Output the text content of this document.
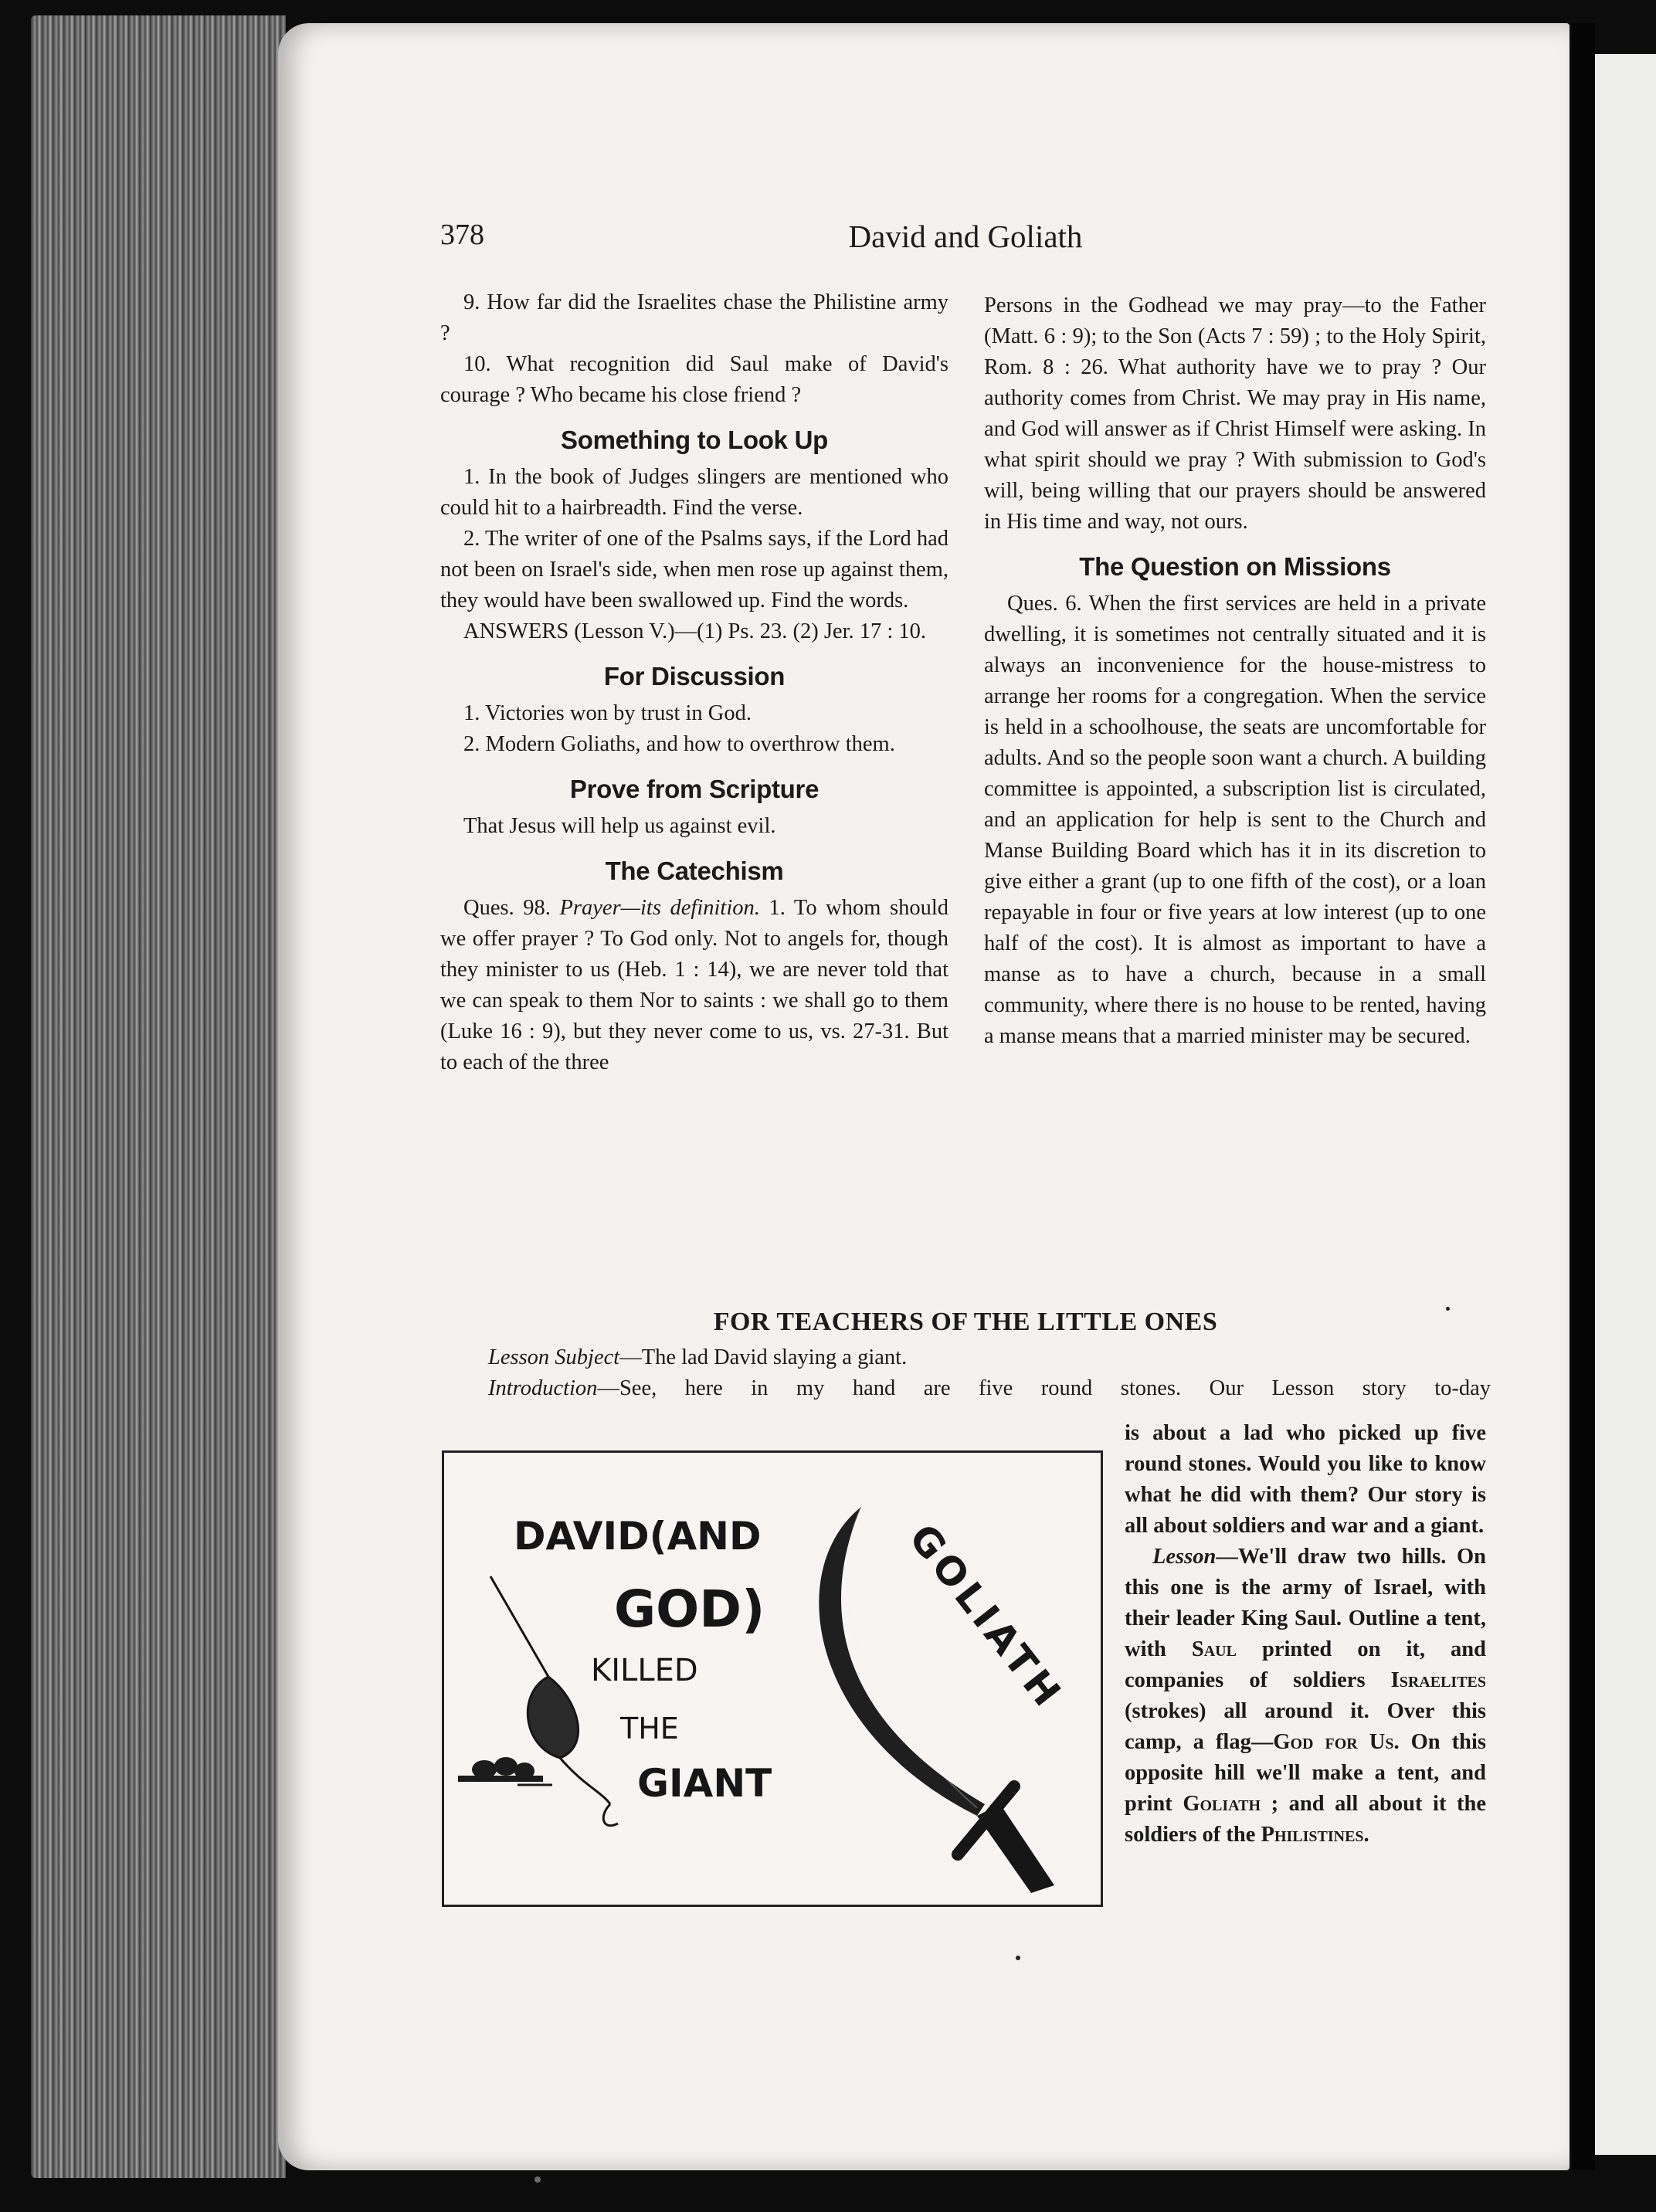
378	David and Goliath

9. How far did the Israelites chase the Philistine army ?

10. What recognition did Saul make of David's courage ? Who became his close friend ?

Something to Look Up

1. In the book of Judges slingers are mentioned who could hit to a hairbreadth. Find the verse.

2. The writer of one of the Psalms says, if the Lord had not been on Israel's side, when men rose up against them, they would have been swallowed up. Find the words.

ANSWERS (Lesson V.)—(1) Ps. 23. (2) Jer. 17 : 10.

For Discussion

1. Victories won by trust in God.

2. Modern Goliaths, and how to overthrow them.

Prove from Scripture

That Jesus will help us against evil.

The Catechism

Ques. 98. Prayer—its definition. 1. To whom should we offer prayer ? To God only. Not to angels for, though they minister to us (Heb. 1 : 14), we are never told that we can speak to them Nor to saints : we shall go to them (Luke 16 : 9), but they never come to us, vs. 27-31. But to each of the three

Persons in the Godhead we may pray—to the Father (Matt. 6 : 9); to the Son (Acts 7 : 59) ; to the Holy Spirit, Rom. 8 : 26. What authority have we to pray ? Our authority comes from Christ. We may pray in His name, and God will answer as if Christ Himself were asking. In what spirit should we pray ? With submission to God's will, being willing that our prayers should be answered in His time and way, not ours.

The Question on Missions

Ques. 6. When the first services are held in a private dwelling, it is sometimes not centrally situated and it is always an inconvenience for the house-mistress to arrange her rooms for a congregation. When the service is held in a schoolhouse, the seats are uncomfortable for adults. And so the people soon want a church. A building committee is appointed, a subscription list is circulated, and an application for help is sent to the Church and Manse Building Board which has it in its discretion to give either a grant (up to one fifth of the cost), or a loan repayable in four or five years at low interest (up to one half of the cost). It is almost as important to have a manse as to have a church, because in a small community, where there is no house to be rented, having a manse means that a married minister may be secured.

FOR TEACHERS OF THE LITTLE ONES

Lesson Subject—The lad David slaying a giant.

Introduction—See, here in my hand are five round stones. Our Lesson story to-day

DAVID(AND
GOD)
KILLED
THE
GIANT
GOLIATH

is about a lad who picked up five round stones. Would you like to know what he did with them? Our story is all about soldiers and war and a giant.

Lesson—We'll draw two hills. On this one is the army of Israel, with their leader King Saul. Outline a tent, with Saul printed on it, and companies of soldiers Israelites (strokes) all around it. Over this camp, a flag—God for Us. On this opposite hill we'll make a tent, and print Goliath ; and all about it the soldiers of the Philistines.
